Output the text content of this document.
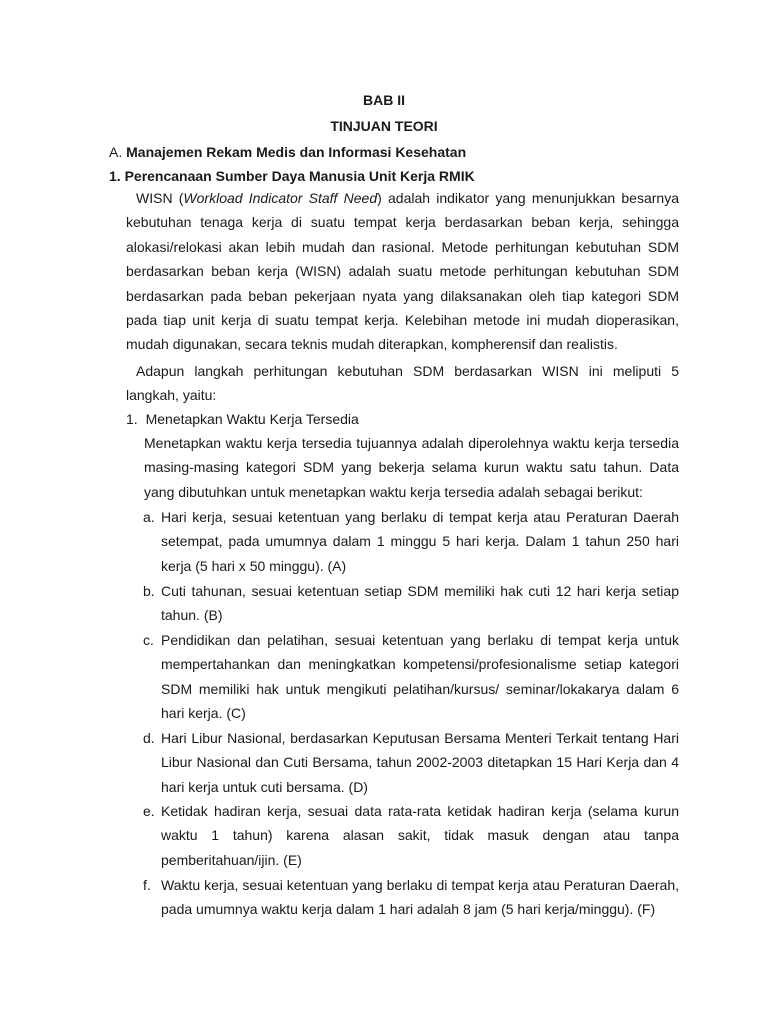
BAB II
TINJUAN TEORI
A. Manajemen Rekam Medis dan Informasi Kesehatan
1. Perencanaan Sumber Daya Manusia Unit Kerja RMIK
WISN (Workload Indicator Staff Need) adalah indikator yang menunjukkan besarnya kebutuhan tenaga kerja di suatu tempat kerja berdasarkan beban kerja, sehingga alokasi/relokasi akan lebih mudah dan rasional. Metode perhitungan kebutuhan SDM berdasarkan beban kerja (WISN) adalah suatu metode perhitungan kebutuhan SDM berdasarkan pada beban pekerjaan nyata yang dilaksanakan oleh tiap kategori SDM pada tiap unit kerja di suatu tempat kerja. Kelebihan metode ini mudah dioperasikan, mudah digunakan, secara teknis mudah diterapkan, kompherensif dan realistis.
Adapun langkah perhitungan kebutuhan SDM berdasarkan WISN ini meliputi 5 langkah, yaitu:
1. Menetapkan Waktu Kerja Tersedia
Menetapkan waktu kerja tersedia tujuannya adalah diperolehnya waktu kerja tersedia masing-masing kategori SDM yang bekerja selama kurun waktu satu tahun. Data yang dibutuhkan untuk menetapkan waktu kerja tersedia adalah sebagai berikut:
a. Hari kerja, sesuai ketentuan yang berlaku di tempat kerja atau Peraturan Daerah setempat, pada umumnya dalam 1 minggu 5 hari kerja. Dalam 1 tahun 250 hari kerja (5 hari x 50 minggu). (A)
b. Cuti tahunan, sesuai ketentuan setiap SDM memiliki hak cuti 12 hari kerja setiap tahun. (B)
c. Pendidikan dan pelatihan, sesuai ketentuan yang berlaku di tempat kerja untuk mempertahankan dan meningkatkan kompetensi/profesionalisme setiap kategori SDM memiliki hak untuk mengikuti pelatihan/kursus/ seminar/lokakarya dalam 6 hari kerja. (C)
d. Hari Libur Nasional, berdasarkan Keputusan Bersama Menteri Terkait tentang Hari Libur Nasional dan Cuti Bersama, tahun 2002-2003 ditetapkan 15 Hari Kerja dan 4 hari kerja untuk cuti bersama. (D)
e. Ketidak hadiran kerja, sesuai data rata-rata ketidak hadiran kerja (selama kurun waktu 1 tahun) karena alasan sakit, tidak masuk dengan atau tanpa pemberitahuan/ijin. (E)
f. Waktu kerja, sesuai ketentuan yang berlaku di tempat kerja atau Peraturan Daerah, pada umumnya waktu kerja dalam 1 hari adalah 8 jam (5 hari kerja/minggu). (F)
